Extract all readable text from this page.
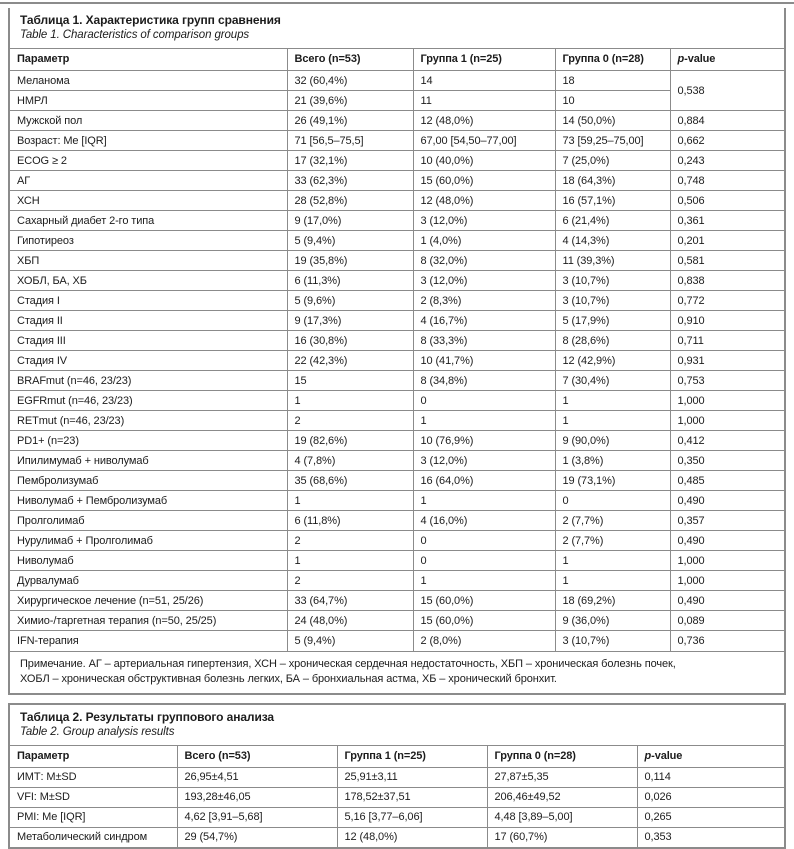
Таблица 1. Характеристика групп сравнения
Table 1. Characteristics of comparison groups
Параметр	Всего (n=53)	Группа 1 (n=25)	Группа 0 (n=28)	p-value
Меланома	32 (60,4%)	14	18	0,538
НМРЛ	21 (39,6%)	11	10	
Мужской пол	26 (49,1%)	12 (48,0%)	14 (50,0%)	0,884
Возраст: Me [IQR]	71 [56,5–75,5]	67,00 [54,50–77,00]	73 [59,25–75,00]	0,662
ECOG ≥ 2	17 (32,1%)	10 (40,0%)	7 (25,0%)	0,243
АГ	33 (62,3%)	15 (60,0%)	18 (64,3%)	0,748
ХСН	28 (52,8%)	12 (48,0%)	16 (57,1%)	0,506
Сахарный диабет 2-го типа	9 (17,0%)	3 (12,0%)	6 (21,4%)	0,361
Гипотиреоз	5 (9,4%)	1 (4,0%)	4 (14,3%)	0,201
ХБП	19 (35,8%)	8 (32,0%)	11 (39,3%)	0,581
ХОБЛ, БА, ХБ	6 (11,3%)	3 (12,0%)	3 (10,7%)	0,838
Стадия I	5 (9,6%)	2 (8,3%)	3 (10,7%)	0,772
Стадия II	9 (17,3%)	4 (16,7%)	5 (17,9%)	0,910
Стадия III	16 (30,8%)	8 (33,3%)	8 (28,6%)	0,711
Стадия IV	22 (42,3%)	10 (41,7%)	12 (42,9%)	0,931
BRAFmut (n=46, 23/23)	15	8 (34,8%)	7 (30,4%)	0,753
EGFRmut (n=46, 23/23)	1	0	1	1,000
RETmut (n=46, 23/23)	2	1	1	1,000
PD1+ (n=23)	19 (82,6%)	10 (76,9%)	9 (90,0%)	0,412
Ипилимумаб + ниволумаб	4 (7,8%)	3 (12,0%)	1 (3,8%)	0,350
Пембролизумаб	35 (68,6%)	16 (64,0%)	19 (73,1%)	0,485
Ниволумаб + Пембролизумаб	1	1	0	0,490
Пролголимаб	6 (11,8%)	4 (16,0%)	2 (7,7%)	0,357
Нурулимаб + Пролголимаб	2	0	2 (7,7%)	0,490
Ниволумаб	1	0	1	1,000
Дурвалумаб	2	1	1	1,000
Хирургическое лечение (n=51, 25/26)	33 (64,7%)	15 (60,0%)	18 (69,2%)	0,490
Химио-/таргетная терапия (n=50, 25/25)	24 (48,0%)	15 (60,0%)	9 (36,0%)	0,089
IFN-терапия	5 (9,4%)	2 (8,0%)	3 (10,7%)	0,736
Примечание. АГ – артериальная гипертензия, ХСН – хроническая сердечная недостаточность, ХБП – хроническая болезнь почек,
ХОБЛ – хроническая обструктивная болезнь легких, БА – бронхиальная астма, ХБ – хронический бронхит.
Таблица 2. Результаты группового анализа
Table 2. Group analysis results
Параметр	Всего (n=53)	Группа 1 (n=25)	Группа 0 (n=28)	p-value
ИМТ: M±SD	26,95±4,51	25,91±3,11	27,87±5,35	0,114
VFI: M±SD	193,28±46,05	178,52±37,51	206,46±49,52	0,026
PMI: Me [IQR]	4,62 [3,91–5,68]	5,16 [3,77–6,06]	4,48 [3,89–5,00]	0,265
Метаболический синдром	29 (54,7%)	12 (48,0%)	17 (60,7%)	0,353
